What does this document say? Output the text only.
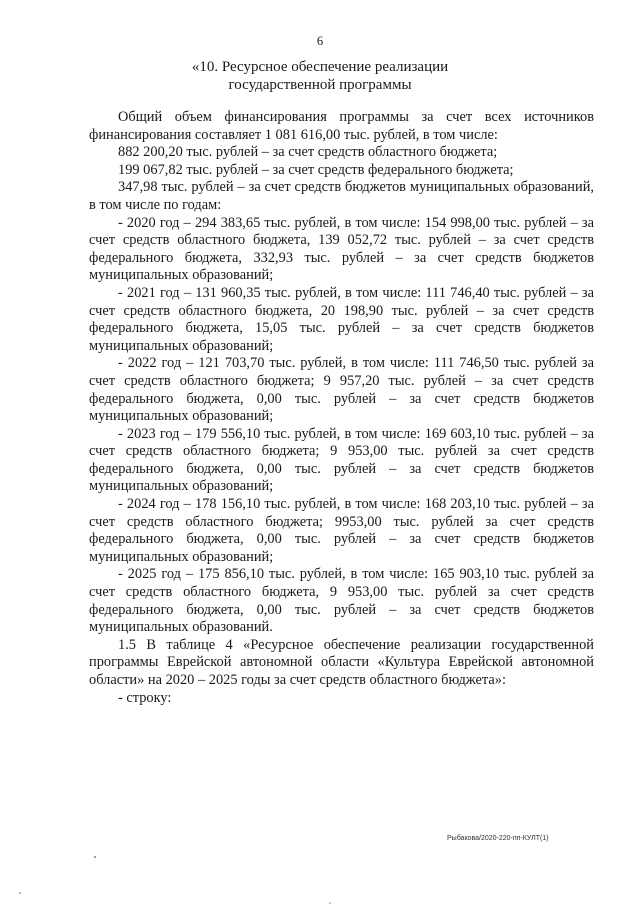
6
«10. Ресурсное обеспечение реализации
государственной программы

Общий объем финансирования программы за счет всех источников финансирования составляет 1 081 616,00 тыс. рублей, в том числе:

882 200,20 тыс. рублей – за счет средств областного бюджета;

199 067,82 тыс. рублей – за счет средств федерального бюджета;

347,98 тыс. рублей – за счет средств бюджетов муниципальных образований, в том числе по годам:

- 2020 год – 294 383,65 тыс. рублей, в том числе: 154 998,00 тыс. рублей – за счет средств областного бюджета, 139 052,72 тыс. рублей – за счет средств федерального бюджета, 332,93 тыс. рублей – за счет средств бюджетов муниципальных образований;

- 2021 год – 131 960,35 тыс. рублей, в том числе: 111 746,40 тыс. рублей – за счет средств областного бюджета, 20 198,90 тыс. рублей – за счет средств федерального бюджета, 15,05 тыс. рублей – за счет средств бюджетов муниципальных образований;

- 2022 год – 121 703,70 тыс. рублей, в том числе: 111 746,50 тыс. рублей за счет средств областного бюджета; 9 957,20 тыс. рублей – за счет средств федерального бюджета, 0,00 тыс. рублей – за счет средств бюджетов муниципальных образований;

- 2023 год – 179 556,10 тыс. рублей, в том числе: 169 603,10 тыс. рублей – за счет средств областного бюджета; 9 953,00 тыс. рублей за счет средств федерального бюджета, 0,00 тыс. рублей – за счет средств бюджетов муниципальных образований;

- 2024 год – 178 156,10 тыс. рублей, в том числе: 168 203,10 тыс. рублей – за счет средств областного бюджета; 9953,00 тыс. рублей за счет средств федерального бюджета, 0,00 тыс. рублей – за счет средств бюджетов муниципальных образований;

- 2025 год – 175 856,10 тыс. рублей, в том числе: 165 903,10 тыс. рублей за счет средств областного бюджета, 9 953,00 тыс. рублей за счет средств федерального бюджета, 0,00 тыс. рублей – за счет средств бюджетов муниципальных образований.

1.5 В таблице 4 «Ресурсное обеспечение реализации государственной программы Еврейской автономной области «Культура Еврейской автономной области» на 2020 – 2025 годы за счет средств областного бюджета»:

- строку:

Рыбакова/2020-220-пп-КУЛТ(1)
